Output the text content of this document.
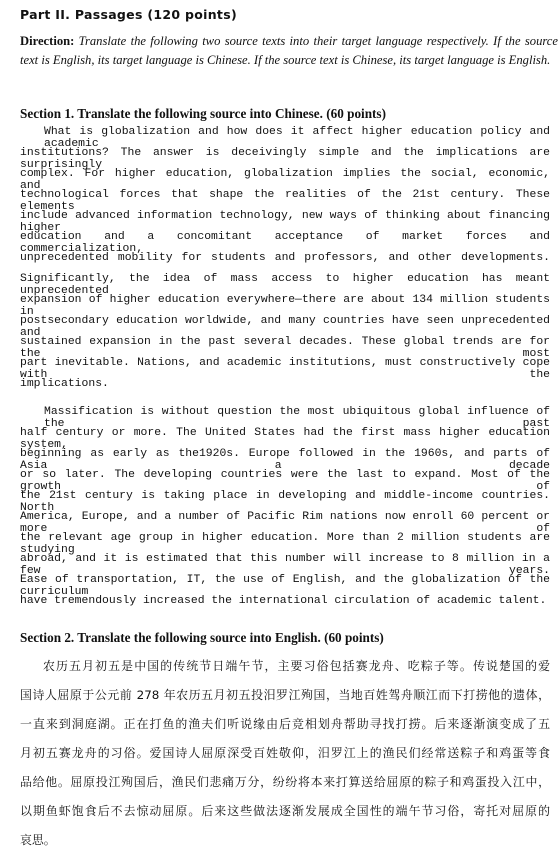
Part II. Passages (120 points)
Direction: Translate the following two source texts into their target language respectively. If the source text is English, its target language is Chinese. If the source text is Chinese, its target language is English.
Section 1. Translate the following source into Chinese. (60 points)
What is globalization and how does it affect higher education policy and academic
institutions? The answer is deceivingly simple and the implications are surprisingly
complex. For higher education, globalization implies the social, economic, and
technological forces that shape the realities of the 21st century. These elements
include advanced information technology, new ways of thinking about financing higher
education and a concomitant acceptance of market forces and commercialization,
unprecedented mobility for students and professors, and other developments.
Significantly, the idea of mass access to higher education has meant unprecedented
expansion of higher education everywhere—there are about 134 million students in
postsecondary education worldwide, and many countries have seen unprecedented and
sustained expansion in the past several decades. These global trends are for the most
part inevitable. Nations, and academic institutions, must constructively cope with the
implications.
Massification is without question the most ubiquitous global influence of the past
half century or more. The United States had the first mass higher education system,
beginning as early as the1920s. Europe followed in the 1960s, and parts of Asia a decade
or so later. The developing countries were the last to expand. Most of the growth of
the 21st century is taking place in developing and middle-income countries. North
America, Europe, and a number of Pacific Rim nations now enroll 60 percent or more of
the relevant age group in higher education. More than 2 million students are studying
abroad, and it is estimated that this number will increase to 8 million in a few years.
Ease of transportation, IT, the use of English, and the globalization of the curriculum
have tremendously increased the international circulation of academic talent.
Section 2. Translate the following source into English. (60 points)
农历五月初五是中国的传统节日端午节，主要习俗包括赛龙舟、吃粽子等。传说楚国的爱
国诗人屈原于公元前 278 年农历五月初五投汨罗江殉国，当地百姓驾舟顺江而下打捞他的遗体，
一直来到洞庭湖。正在打鱼的渔夫们听说缘由后竞相划舟帮助寻找打捞。后来逐渐演变成了五
月初五赛龙舟的习俗。爱国诗人屈原深受百姓敬仰，汨罗江上的渔民们经常送粽子和鸡蛋等食
品给他。屈原投江殉国后，渔民们悲痛万分，纷纷将本来打算送给屈原的粽子和鸡蛋投入江中，
以期鱼虾饱食后不去惊动屈原。后来这些做法逐渐发展成全国性的端午节习俗，寄托对屈原的
哀思。
